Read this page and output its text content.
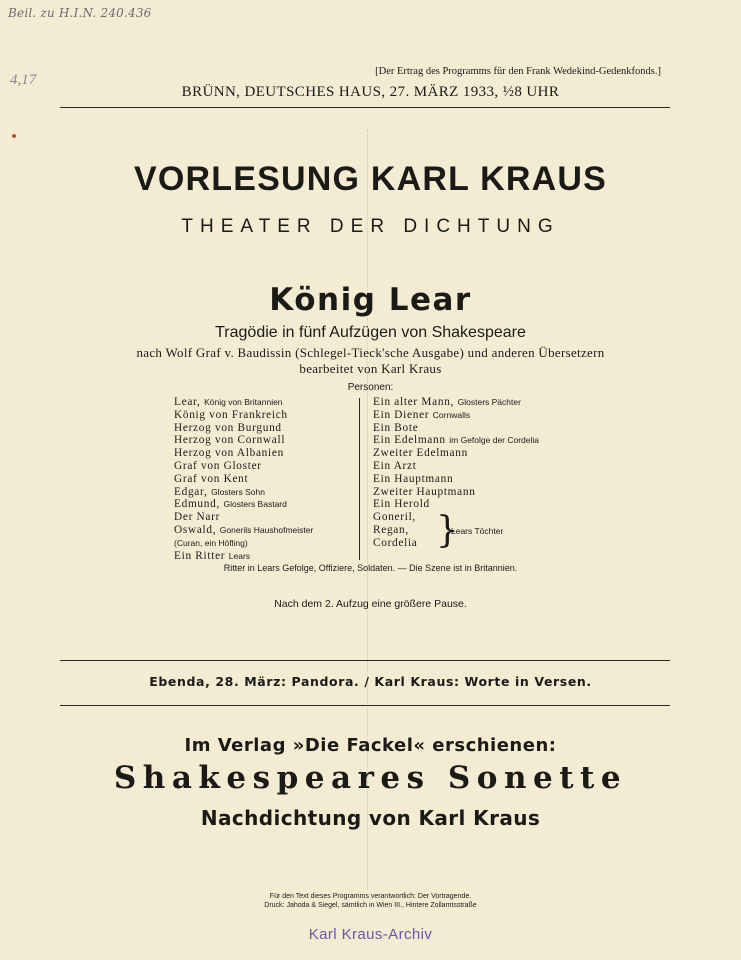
Beil. zu H.I.N. 240.436
4,17
[Der Ertrag des Programms für den Frank Wedekind-Gedenkfonds.]
BRÜNN, DEUTSCHES HAUS, 27. MÄRZ 1933, ½8 UHR
VORLESUNG KARL KRAUS
THEATER DER DICHTUNG
König Lear
Tragödie in fünf Aufzügen von Shakespeare
nach Wolf Graf v. Baudissin (Schlegel-Tieck'sche Ausgabe) und anderen Übersetzern
bearbeitet von Karl Kraus
Personen:
Lear, König von Britannien
König von Frankreich
Herzog von Burgund
Herzog von Cornwall
Herzog von Albanien
Graf von Gloster
Graf von Kent
Edgar, Glosters Sohn
Edmund, Glosters Bastard
Der Narr
Oswald, Gonerils Haushofmeister
(Curan, ein Höfling)
Ein Ritter Lears
Ein alter Mann, Glosters Pächter
Ein Diener Cornwalls
Ein Bote
Ein Edelmann im Gefolge der Cordelia
Zweiter Edelmann
Ein Arzt
Ein Hauptmann
Zweiter Hauptmann
Ein Herold
Goneril,
Regan,
Cordelia }
Lears Töchter
Ritter in Lears Gefolge, Offiziere, Soldaten. — Die Szene ist in Britannien.
Nach dem 2. Aufzug eine größere Pause.
Ebenda, 28. März: Pandora. / Karl Kraus: Worte in Versen.
Im Verlag »Die Fackel« erschienen:
Shakespeares Sonette
Nachdichtung von Karl Kraus
Für den Text dieses Programms verantwortlich: Der Vortragende.
Druck: Jahoda & Siegel, sämtlich in Wien III., Hintere Zollamtsstraße
Karl Kraus-Archiv
